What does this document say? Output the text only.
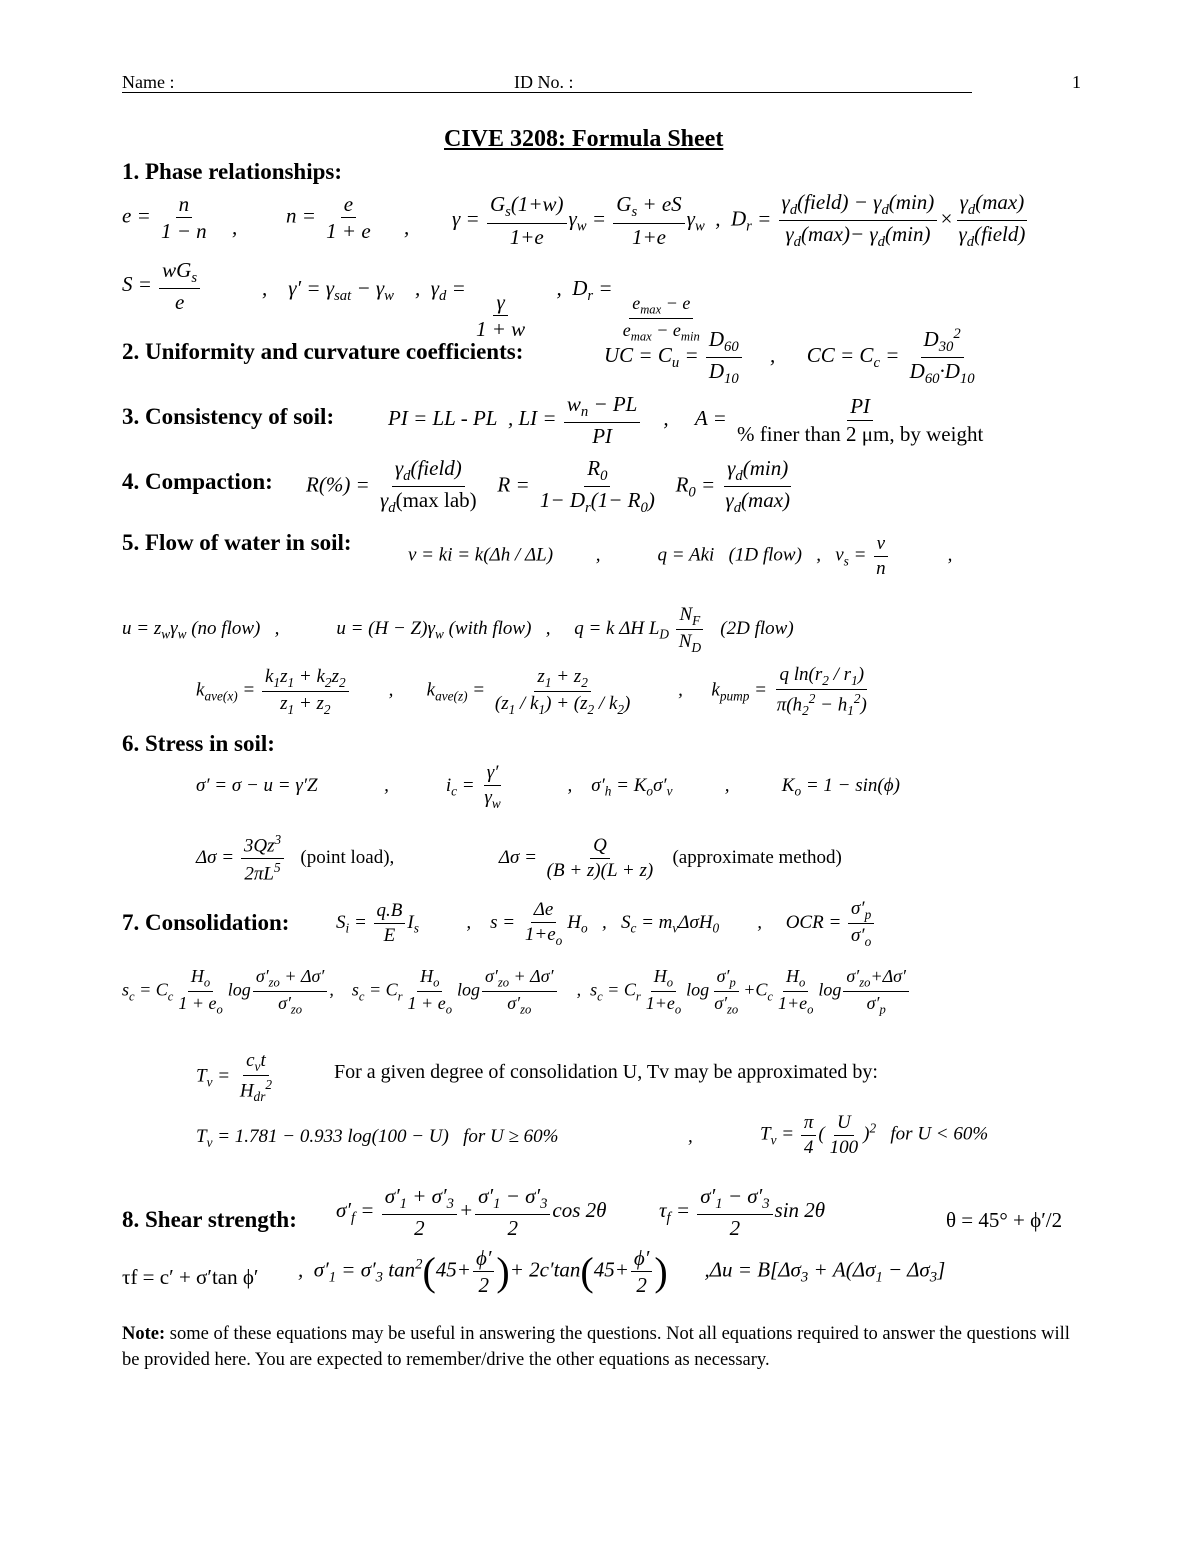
Name :	ID No. :	1
CIVE 3208: Formula Sheet
1. Phase relationships:
$e = \frac{n}{1 - n}$ , $n = \frac{e}{1 + e}$ , $\gamma = \frac{G_s(1+w)}{1+e} \gamma_w = \frac{G_s + eS}{1+e} \gamma_w$  ,  $D_r = \frac{\gamma_d(field) - \gamma_d(\min)}{\gamma_d(\max)- \gamma_d(\min)} \times \frac{\gamma_d(\max)}{\gamma_d(field)}$
$S = \frac{wG_s}{e}$	,    $\gamma' = \gamma_{sat} - \gamma_w$    ,  $\gamma_d$ =
$\frac{\gamma}{1 + w}$
,  $D_r$ =
$\frac{e_{max} - e}{e_{max} - e_{min}}$
2. Uniformity and curvature coefficients:	UC = $C_u = \frac{D_{60}}{D_{10}}$ ,      CC = $C_c = \frac{D_{30}^2}{D_{60}\cdot D_{10}}$
3. Consistency of soil:	PI = LL - PL  , LI = $\frac{w_n - PL}{PI}$ ,     $A = \frac{PI}{\text{\% finer than 2 μm, by weight}}$
4. Compaction: $R(\%) = \frac{\gamma_d(field)}{\gamma_d(\max lab)}$ $R = \frac{R_0}{1- D_r(1- R_0)} R_0 = \frac{\gamma_d(\min)}{\gamma_d(\max)}$
5. Flow of water in soil:
v = ki = k(Δh / ΔL)         ,            q = Aki   (1D flow)   ,   $v_s = \frac{v}{n}$ ,
$u = z_w\gamma_w$ (no flow)   ,            $u = (H - Z)\gamma_w$ (with flow)   ,     q = k ΔH $L_D \frac{N_F}{N_D} (2D$ flow)
$k_{ave(x)} = \frac{k_1z_1 + k_2z_2}{z_1 + z_2}$ ,       $k_{ave(z)} = \frac{z_1 + z_2}{(z_1 / k_1) + (z_2 / k_2)}$ ,      $k_{pump} = \frac{q \ln(r_2 / r_1)}{\pi(h_2^2 - h_1^2)}$
6. Stress in soil:
σ′ = σ − u = γ′Z              ,            $i_c = \frac{\gamma'}{\gamma_w}$ ,    $\sigma'_h = K_o\sigma'_v$           ,           $K_o = 1 - \sin(\phi)$
$\Delta\sigma = \frac{3Qz^3}{2\pi L^5}$ (point load),                      $\Delta\sigma = \frac{Q}{(B + z)(L + z)}$ (approximate method)
7. Consolidation: $S_i = \frac{q.B}{E} I_s$          ,    $s = \frac{\Delta e}{1+e_o} H_o$   ,   $S_c = m_v\Delta\sigma H_0$        ,     OCR = $\frac{\sigma'_p}{\sigma'_o}$
$s_c = C_c \frac{H_o}{1 + e_o}$ $\log \frac{\sigma'_{zo} + \Delta\sigma'}{\sigma'_{zo}}$ ,    $s_c = C_r \frac{H_o}{1 + e_o}$ $\log \frac{\sigma'_{zo} + \Delta\sigma'}{\sigma'_{zo}}$ ,  $s_c = C_r \frac{H_o}{1+e_o}$ $\log \frac{\sigma'_p}{\sigma'_{zo}} +C_c \frac{H_o}{1+e_o}$ $\log \frac{\sigma'_{zo}+\Delta\sigma'}{\sigma'_p}$
$T_v = \frac{c_vt}{H_{dr}^2}$	For a given degree of consolidation U, Tv may be approximated by:
$T_v = 1.781 - 0.933$ log(100 − U)   for U ≥ 60%	,	$T_v = \frac{\pi}{4}$ ( $\frac{U}{100} )^2$ for U < 60%
8. Shear strength: $\sigma'_f = \frac{\sigma'_1 + \sigma'_3}{2} + \frac{\sigma'_1 - \sigma'_3}{2}$ cos 2θ          $\tau_f = \frac{\sigma'_1 - \sigma'_3}{2}$ sin 2θ	θ = 45° + ϕ′/2
τf = c′ + σ′tan ϕ′ ,  $\sigma'_1 = \sigma'_3$ $\tan^2(45+ \frac{\phi'}{2}$ )+ $2c'\tan(45+ \frac{\phi'}{2}$ )       $,\Delta u = B[\Delta\sigma_3 + A(\Delta\sigma_1 - \Delta\sigma_3]$
Note: some of these equations may be useful in answering the questions. Not all equations required to answer the questions will be provided here. You are expected to remember/drive the other equations as necessary.
